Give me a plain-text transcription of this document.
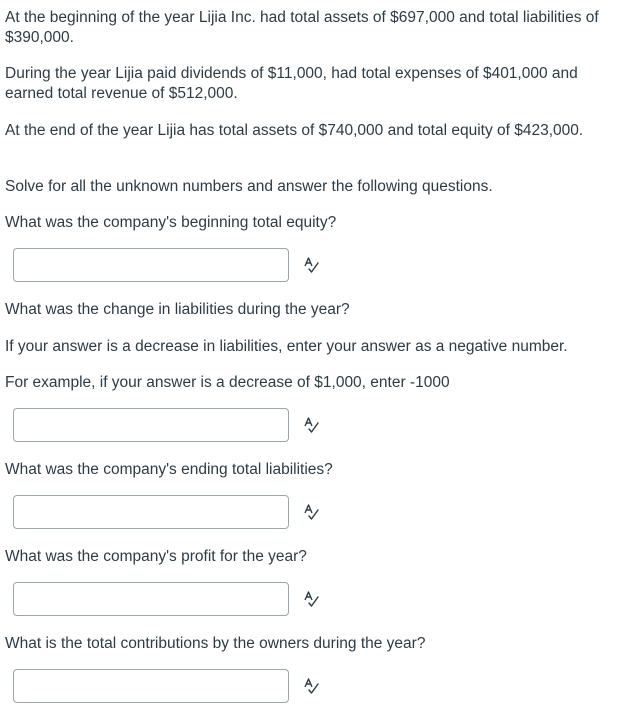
At the beginning of the year Lijia Inc. had total assets of $697,000 and total liabilities of $390,000.

During the year Lijia paid dividends of $11,000, had total expenses of $401,000 and earned total revenue of $512,000.

At the end of the year Lijia has total assets of $740,000 and total equity of $423,000.

Solve for all the unknown numbers and answer the following questions.

What was the company's beginning total equity?

What was the change in liabilities during the year?

If your answer is a decrease in liabilities, enter your answer as a negative number.

For example, if your answer is a decrease of $1,000, enter -1000

What was the company's ending total liabilities?

What was the company's profit for the year?

What is the total contributions by the owners during the year?
